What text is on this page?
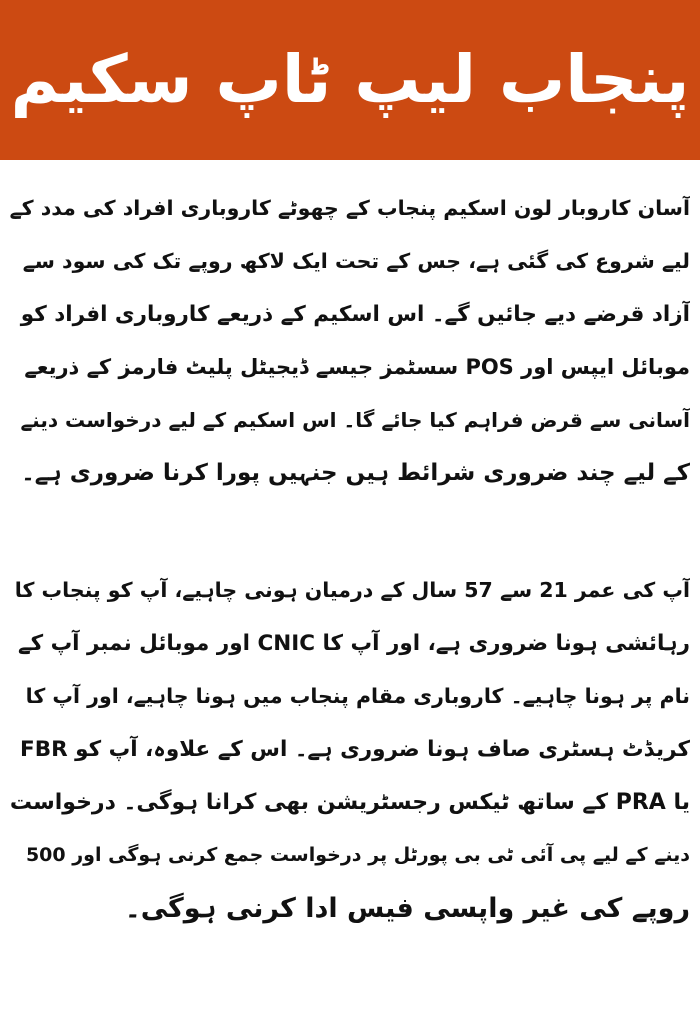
پنجاب لیپ ٹاپ سکیم

آسان کاروبار لون اسکیم پنجاب کے چھوٹے کاروباری افراد کی مدد کے
لیے شروع کی گئی ہے، جس کے تحت ایک لاکھ روپے تک کی سود سے
آزاد قرضے دیے جائیں گے۔ اس اسکیم کے ذریعے کاروباری افراد کو
موبائل ایپس اور POS سسٹمز جیسے ڈیجیٹل پلیٹ فارمز کے ذریعے
آسانی سے قرض فراہم کیا جائے گا۔ اس اسکیم کے لیے درخواست دینے
کے لیے چند ضروری شرائط ہیں جنہیں پورا کرنا ضروری ہے۔

آپ کی عمر 21 سے 57 سال کے درمیان ہونی چاہیے، آپ کو پنجاب کا
رہائشی ہونا ضروری ہے، اور آپ کا CNIC اور موبائل نمبر آپ کے
نام پر ہونا چاہیے۔ کاروباری مقام پنجاب میں ہونا چاہیے، اور آپ کا
کریڈٹ ہسٹری صاف ہونا ضروری ہے۔ اس کے علاوہ، آپ کو FBR
یا PRA کے ساتھ ٹیکس رجسٹریشن بھی کرانا ہوگی۔ درخواست
دینے کے لیے پی آئی ٹی بی پورٹل پر درخواست جمع کرنی ہوگی اور 500
روپے کی غیر واپسی فیس ادا کرنی ہوگی۔
